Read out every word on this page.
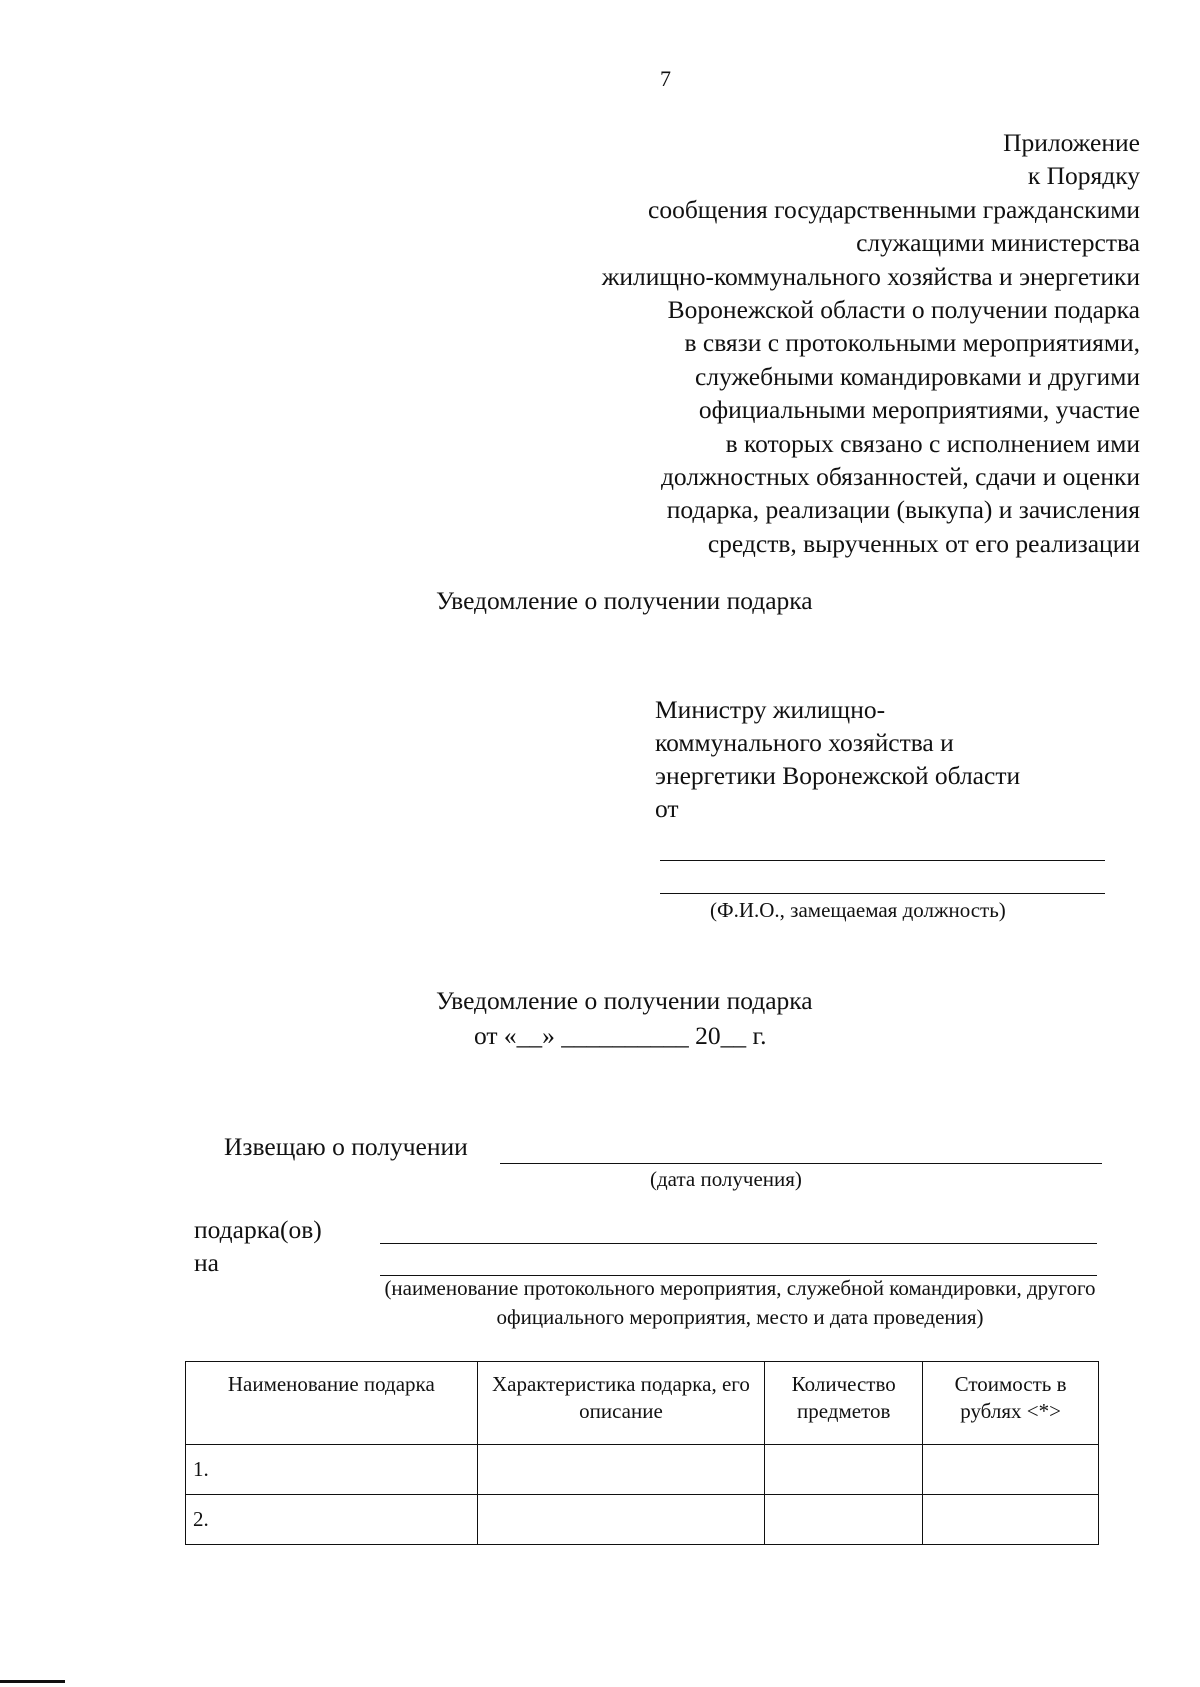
7
Приложение
к Порядку
сообщения государственными гражданскими
служащими министерства
жилищно-коммунального хозяйства и энергетики
Воронежской области о получении подарка
в связи с протокольными мероприятиями,
служебными командировками и другими
официальными мероприятиями, участие
в которых связано с исполнением ими
должностных обязанностей, сдачи и оценки
подарка, реализации (выкупа) и зачисления
средств, вырученных от его реализации
Уведомление о получении подарка
Министру жилищно-
коммунального хозяйства и
энергетики Воронежской области
от
(Ф.И.О., замещаемая должность)
Уведомление о получении подарка
от «__» __________ 20__ г.
Извещаю о получении
(дата получения)
подарка(ов)
на
(наименование протокольного мероприятия, служебной командировки, другого официального мероприятия, место и дата проведения)
Наименование подарка	Характеристика подарка, его описание	Количество предметов	Стоимость в рублях <*>
1.			
2.			
